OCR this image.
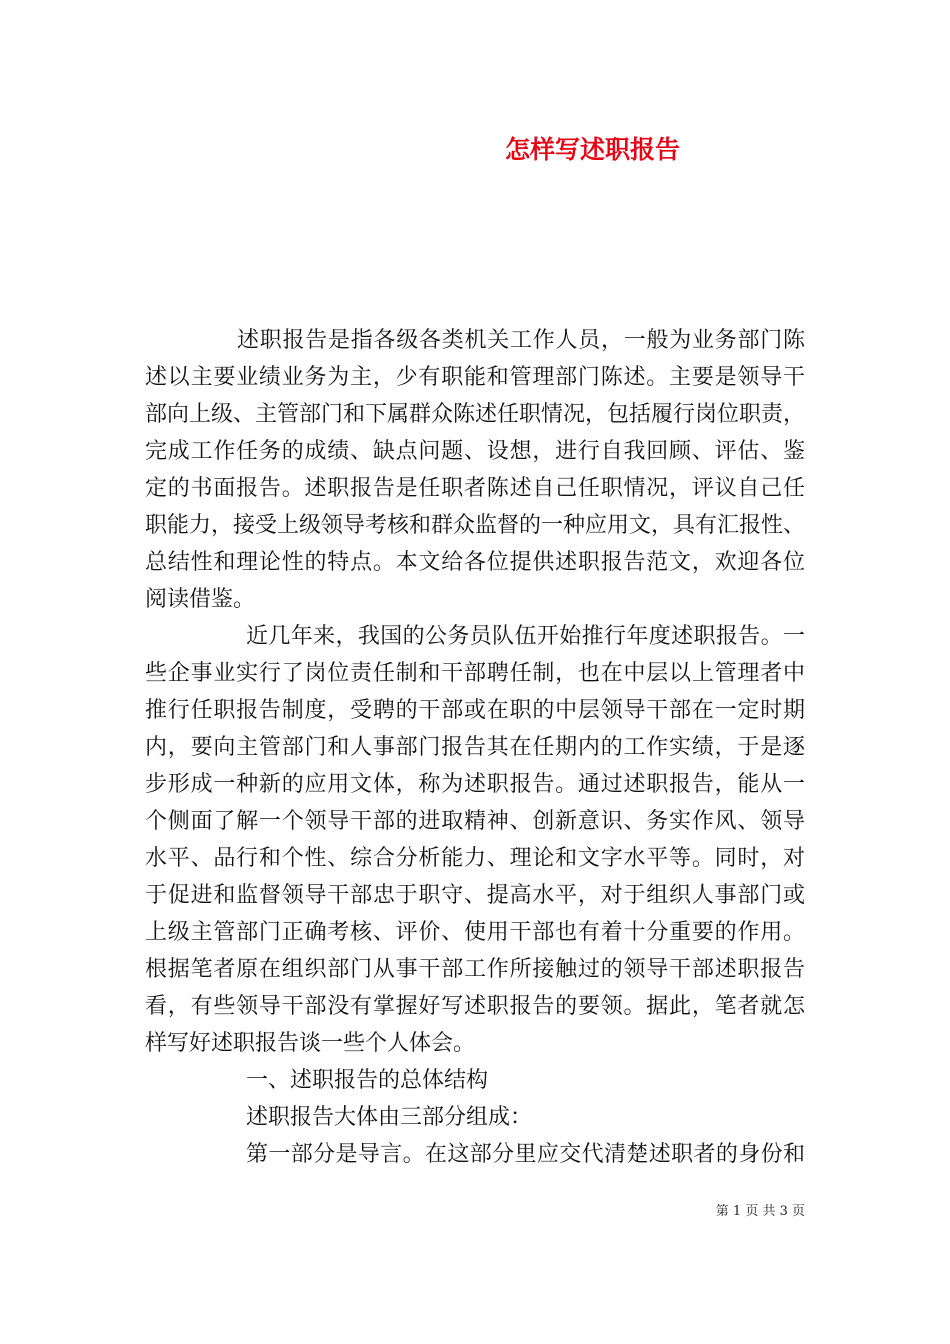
怎样写述职报告
述职报告是指各级各类机关工作人员，一般为业务部门陈
述以主要业绩业务为主，少有职能和管理部门陈述。主要是领导干
部向上级、主管部门和下属群众陈述任职情况，包括履行岗位职责，
完成工作任务的成绩、缺点问题、设想，进行自我回顾、评估、鉴
定的书面报告。述职报告是任职者陈述自己任职情况，评议自己任
职能力，接受上级领导考核和群众监督的一种应用文，具有汇报性、
总结性和理论性的特点。本文给各位提供述职报告范文，欢迎各位
阅读借鉴。
近几年来，我国的公务员队伍开始推行年度述职报告。一
些企事业实行了岗位责任制和干部聘任制，也在中层以上管理者中
推行任职报告制度，受聘的干部或在职的中层领导干部在一定时期
内，要向主管部门和人事部门报告其在任期内的工作实绩，于是逐
步形成一种新的应用文体，称为述职报告。通过述职报告，能从一
个侧面了解一个领导干部的进取精神、创新意识、务实作风、领导
水平、品行和个性、综合分析能力、理论和文字水平等。同时，对
于促进和监督领导干部忠于职守、提高水平，对于组织人事部门或
上级主管部门正确考核、评价、使用干部也有着十分重要的作用。
根据笔者原在组织部门从事干部工作所接触过的领导干部述职报告
看，有些领导干部没有掌握好写述职报告的要领。据此，笔者就怎
样写好述职报告谈一些个人体会。
一、述职报告的总体结构
述职报告大体由三部分组成：
第一部分是导言。在这部分里应交代清楚述职者的身份和
第 1 页 共 3 页
